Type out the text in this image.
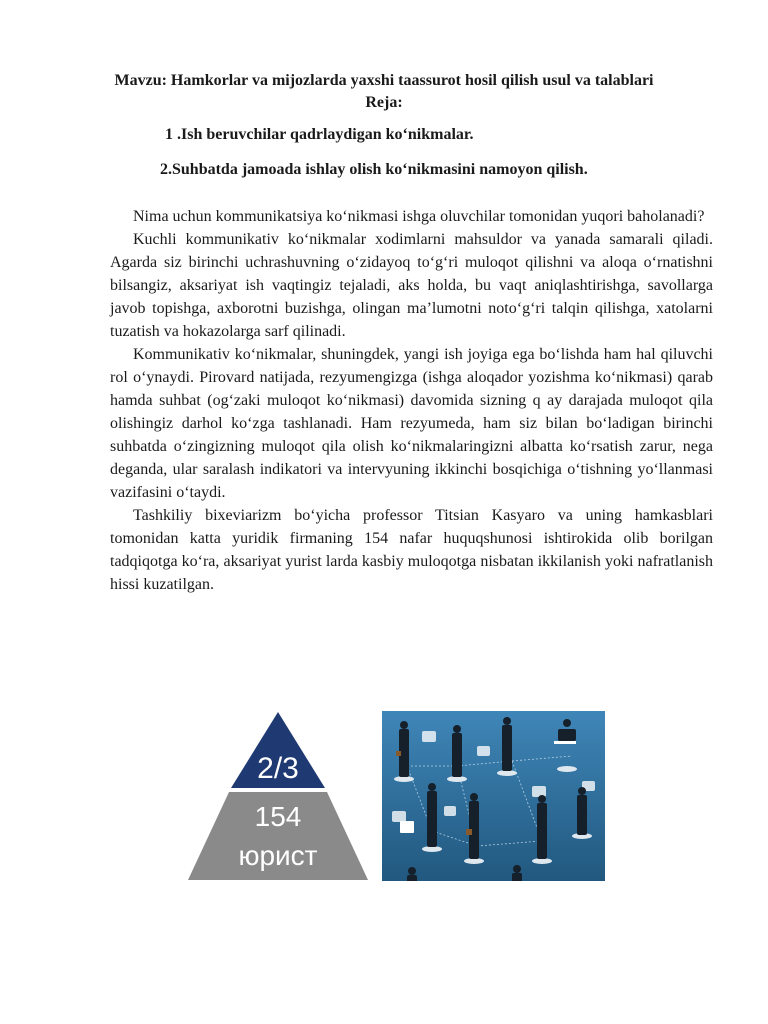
Mavzu: Hamkorlar va mijozlarda yaxshi taassurot hosil qilish usul va talablari
Reja:
1 .Ish beruvchilar qadrlaydigan koʻnikmalar.
2.Suhbatda jamoada ishlay olish koʻnikmasini namoyon qilish.

Nima uchun kommunikatsiya koʻnikmasi ishga oluvchilar tomonidan yuqori baholanadi?

Kuchli kommunikativ koʻnikmalar xodimlarni mahsuldor va yanada samarali qiladi. Agarda siz birinchi uchrashuvning oʻzidayoq toʻgʻri muloqot qilishni va aloqa oʻrnatishni bilsangiz, aksariyat ish vaqtingiz tejaladi, aks holda, bu vaqt aniqlashtirishga, savollarga javob topishga, axborotni buzishga, olingan maʼlumotni notoʻgʻri talqin qilishga, xatolarni tuzatish va hokazolarga sarf qilinadi.

Kommunikativ koʻnikmalar, shuningdek, yangi ish joyiga ega boʻlishda ham hal qiluvchi rol oʻynaydi. Pirovard natijada, rezyumengizga (ishga aloqador yozishma koʻnikmasi) qarab hamda suhbat (ogʻzaki muloqot koʻnikmasi) davomida sizning q ay darajada muloqot qila olishingiz darhol koʻzga tashlanadi. Ham rezyumeda, ham siz bilan boʻladigan birinchi suhbatda oʻzingizning muloqot qila olish koʻnikmalaringizni albatta koʻrsatish zarur, nega deganda, ular saralash indikatori va intervyuning ikkinchi bosqichiga oʻtishning yoʻllanmasi vazifasini oʻtaydi.

Tashkiliy bixeviarizm boʻyicha professor Titsian Kasyaro va uning hamkasblari tomonidan katta yuridik firmaning 154 nafar huquqshunosi ishtirokida olib borilgan tadqiqotga koʻra, aksariyat yurist larda kasbiy muloqotga nisbatan ikkilanish yoki nafratlanish hissi kuzatilgan.

2/3
154
юрист
